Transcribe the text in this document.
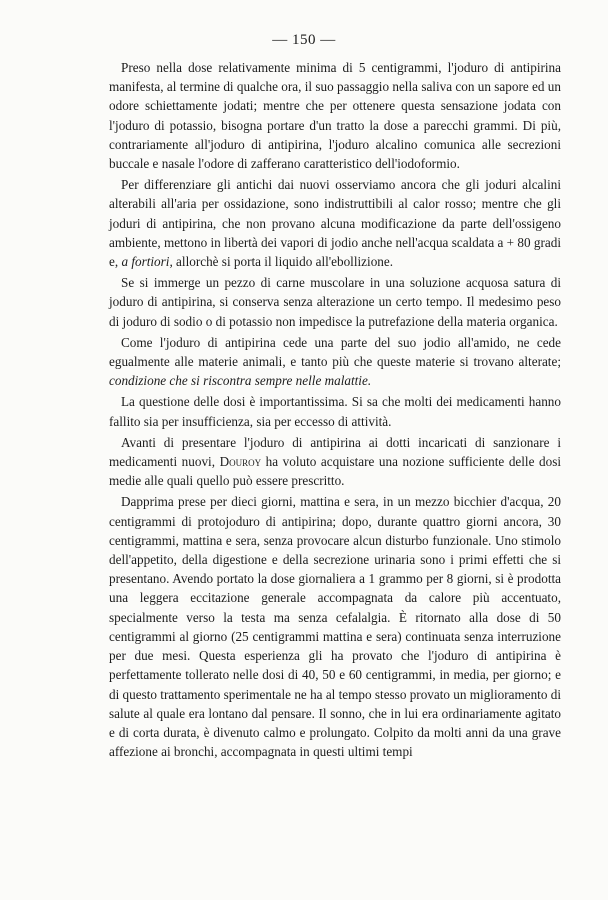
— 150 —

Preso nella dose relativamente minima di 5 centigrammi, l'joduro di antipirina manifesta, al termine di qualche ora, il suo passaggio nella saliva con un sapore ed un odore schiettamente jodati; mentre che per ottenere questa sensazione jodata con l'joduro di potassio, bisogna portare d'un tratto la dose a parecchi grammi. Di più, contrariamente all'joduro di antipirina, l'joduro alcalino comunica alle secrezioni buccale e nasale l'odore di zafferano caratteristico dell'iodoformio.

Per differenziare gli antichi dai nuovi osserviamo ancora che gli joduri alcalini alterabili all'aria per ossidazione, sono indistruttibili al calor rosso; mentre che gli joduri di antipirina, che non provano alcuna modificazione da parte dell'ossigeno ambiente, mettono in libertà dei vapori di jodio anche nell'acqua scaldata a + 80 gradi e, a fortiori, allorchè si porta il liquido all'ebollizione.

Se si immerge un pezzo di carne muscolare in una soluzione acquosa satura di joduro di antipirina, si conserva senza alterazione un certo tempo. Il medesimo peso di joduro di sodio o di potassio non impedisce la putrefazione della materia organica.

Come l'joduro di antipirina cede una parte del suo jodio all'amido, ne cede egualmente alle materie animali, e tanto più che queste materie si trovano alterate; condizione che si riscontra sempre nelle malattie.

La questione delle dosi è importantissima. Si sa che molti dei medicamenti hanno fallito sia per insufficienza, sia per eccesso di attività.

Avanti di presentare l'joduro di antipirina ai dotti incaricati di sanzionare i medicamenti nuovi, Douroy ha voluto acquistare una nozione sufficiente delle dosi medie alle quali quello può essere prescritto.

Dapprima prese per dieci giorni, mattina e sera, in un mezzo bicchier d'acqua, 20 centigrammi di protojoduro di antipirina; dopo, durante quattro giorni ancora, 30 centigrammi, mattina e sera, senza provocare alcun disturbo funzionale. Uno stimolo dell'appetito, della digestione e della secrezione urinaria sono i primi effetti che si presentano. Avendo portato la dose giornaliera a 1 grammo per 8 giorni, si è prodotta una leggera eccitazione generale accompagnata da calore più accentuato, specialmente verso la testa ma senza cefalalgia. È ritornato alla dose di 50 centigrammi al giorno (25 centigrammi mattina e sera) continuata senza interruzione per due mesi. Questa esperienza gli ha provato che l'joduro di antipirina è perfettamente tollerato nelle dosi di 40, 50 e 60 centigrammi, in media, per giorno; e di questo trattamento sperimentale ne ha al tempo stesso provato un miglioramento di salute al quale era lontano dal pensare. Il sonno, che in lui era ordinariamente agitato e di corta durata, è divenuto calmo e prolungato. Colpito da molti anni da una grave affezione ai bronchi, accompagnata in questi ultimi tempi
